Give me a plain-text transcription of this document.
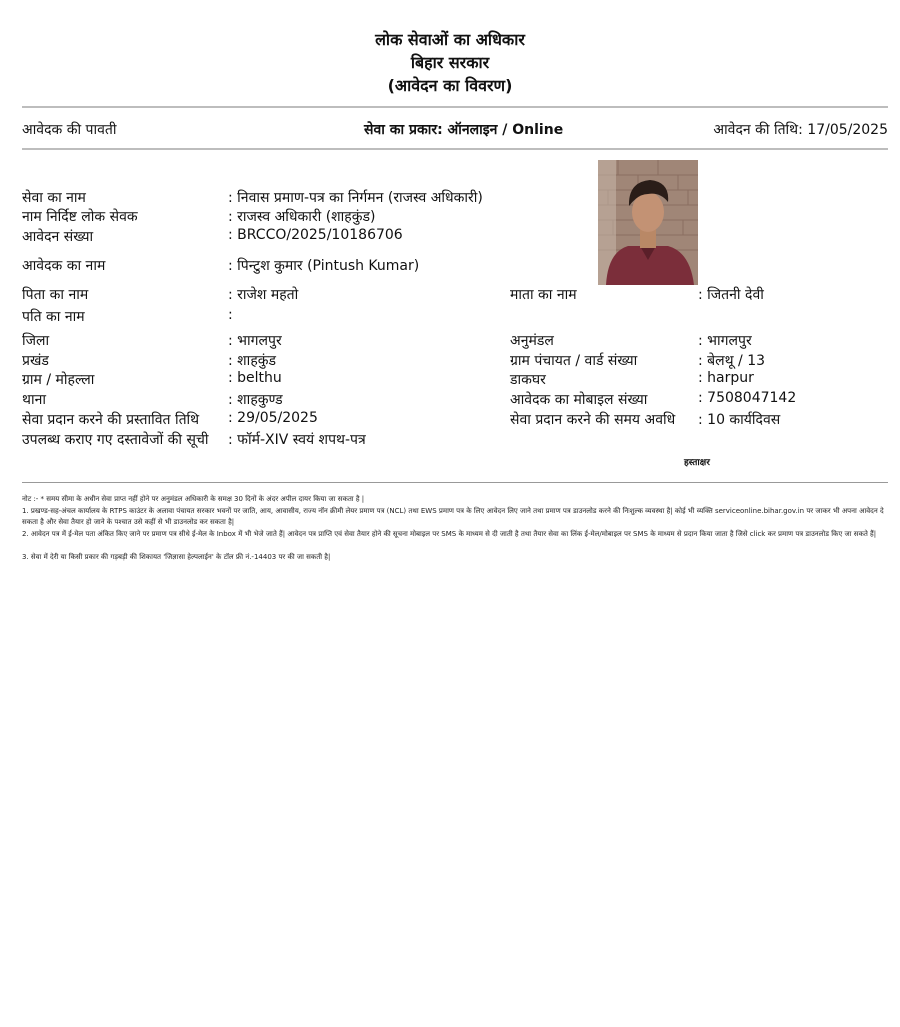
लोक सेवाओं का अधिकार
बिहार सरकार
(आवेदन का विवरण)
आवेदक की पावती	सेवा का प्रकार: ऑनलाइन / Online	आवेदन की तिथि: 17/05/2025
सेवा का नाम	: निवास प्रमाण-पत्र का निर्गमन (राजस्व अधिकारी)
नाम निर्दिष्ट लोक सेवक	: राजस्व अधिकारी (शाहकुंड)
आवेदन संख्या	: BRCCO/2025/10186706
आवेदक का नाम	: पिन्टुश कुमार (Pintush Kumar)
पिता का नाम	: राजेश महतो	माता का नाम	: जितनी देवी
पति का नाम	:
जिला	: भागलपुर	अनुमंडल	: भागलपुर
प्रखंड	: शाहकुंड	ग्राम पंचायत / वार्ड संख्या	: बेलथू / 13
ग्राम / मोहल्ला	: belthu	डाकघर	: harpur
थाना	: शाहकुण्ड	आवेदक का मोबाइल संख्या	: 7508047142
सेवा प्रदान करने की प्रस्तावित तिथि : 29/05/2025	सेवा प्रदान करने की समय अवधि : 10 कार्यदिवस
उपलब्ध कराए गए दस्तावेजों की सूची : फॉर्म-XIV स्वयं शपथ-पत्र
हस्ताक्षर
नोट :- * समय सीमा के अधीन सेवा प्राप्त नहीं होने पर अनुमंडल अधिकारी के समक्ष 30 दिनों के अंदर अपील दायर किया जा सकता है |
1. प्रखण्ड-सह-अंचल कार्यालय के RTPS काउंटर के अलावा पंचायत सरकार भवनों पर जाति, आय, आवासीय, राज्य नॉन क्रीमी लेयर प्रमाण पत्र (NCL) तथा EWS प्रमाण पत्र के लिए आवेदन लिए जाने तथा प्रमाण पत्र डाउनलोड करने की निःशुल्क व्यवस्था है| कोई भी व्यक्ति serviceonline.bihar.gov.in पर जाकर भी अपना आवेदन दे सकता है और सेवा तैयार हो जाने के पश्चात उसे कहीं से भी डाउनलोड कर सकता है|
2. आवेदन पत्र में ई-मेल पता अंकित किए जाने पर प्रमाण पत्र सीधे ई-मेल के Inbox में भी भेजे जाते हैं| आवेदन पत्र प्राप्ति एवं सेवा तैयार होने की सूचना मोबाइल पर SMS के माध्यम से दी जाती है तथा तैयार सेवा का लिंक ई-मेल/मोबाइल पर SMS के माध्यम से प्रदान किया जाता है जिसे click कर प्रमाण पत्र डाउनलोड किए जा सकते हैं|
3. सेवा में देरी या किसी प्रकार की गड़बड़ी की शिकायत 'जिज्ञासा हेल्पलाईन' के टॉल फ्री नं.-14403 पर की जा सकती है|
